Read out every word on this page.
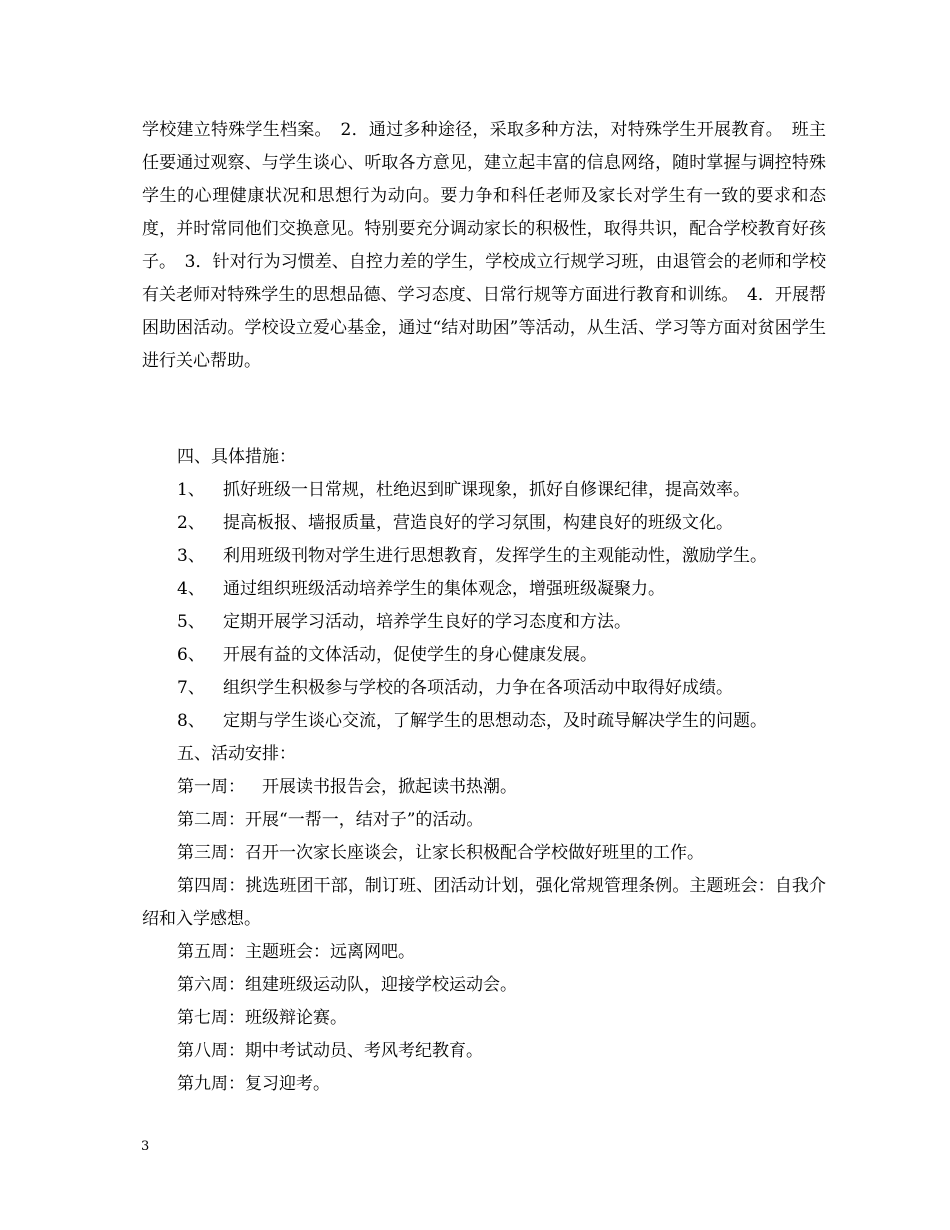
学校建立特殊学生档案。　2．通过多种途径，采取多种方法，对特殊学生开展教育。　班主任要通过观察、与学生谈心、听取各方意见，建立起丰富的信息网络，随时掌握与调控特殊学生的心理健康状况和思想行为动向。要力争和科任老师及家长对学生有一致的要求和态度，并时常同他们交换意见。特别要充分调动家长的积极性，取得共识，配合学校教育好孩子。　3．针对行为习惯差、自控力差的学生，学校成立行规学习班，由退管会的老师和学校有关老师对特殊学生的思想品德、学习态度、日常行规等方面进行教育和训练。　4．开展帮困助困活动。学校设立爱心基金，通过“结对助困”等活动，从生活、学习等方面对贫困学生进行关心帮助。

四、具体措施：

1、 抓好班级一日常规，杜绝迟到旷课现象，抓好自修课纪律，提高效率。

2、 提高板报、墙报质量，营造良好的学习氛围，构建良好的班级文化。

3、 利用班级刊物对学生进行思想教育，发挥学生的主观能动性，激励学生。

4、 通过组织班级活动培养学生的集体观念，增强班级凝聚力。

5、 定期开展学习活动，培养学生良好的学习态度和方法。

6、 开展有益的文体活动，促使学生的身心健康发展。

7、 组织学生积极参与学校的各项活动，力争在各项活动中取得好成绩。

8、 定期与学生谈心交流，了解学生的思想动态，及时疏导解决学生的问题。

五、活动安排：

第一周：　开展读书报告会，掀起读书热潮。

第二周：开展“一帮一，结对子”的活动。

第三周：召开一次家长座谈会，让家长积极配合学校做好班里的工作。

第四周：挑选班团干部，制订班、团活动计划，强化常规管理条例。主题班会：自我介绍和入学感想。

第五周：主题班会：远离网吧。

第六周：组建班级运动队，迎接学校运动会。

第七周：班级辩论赛。

第八周：期中考试动员、考风考纪教育。

第九周：复习迎考。

3
